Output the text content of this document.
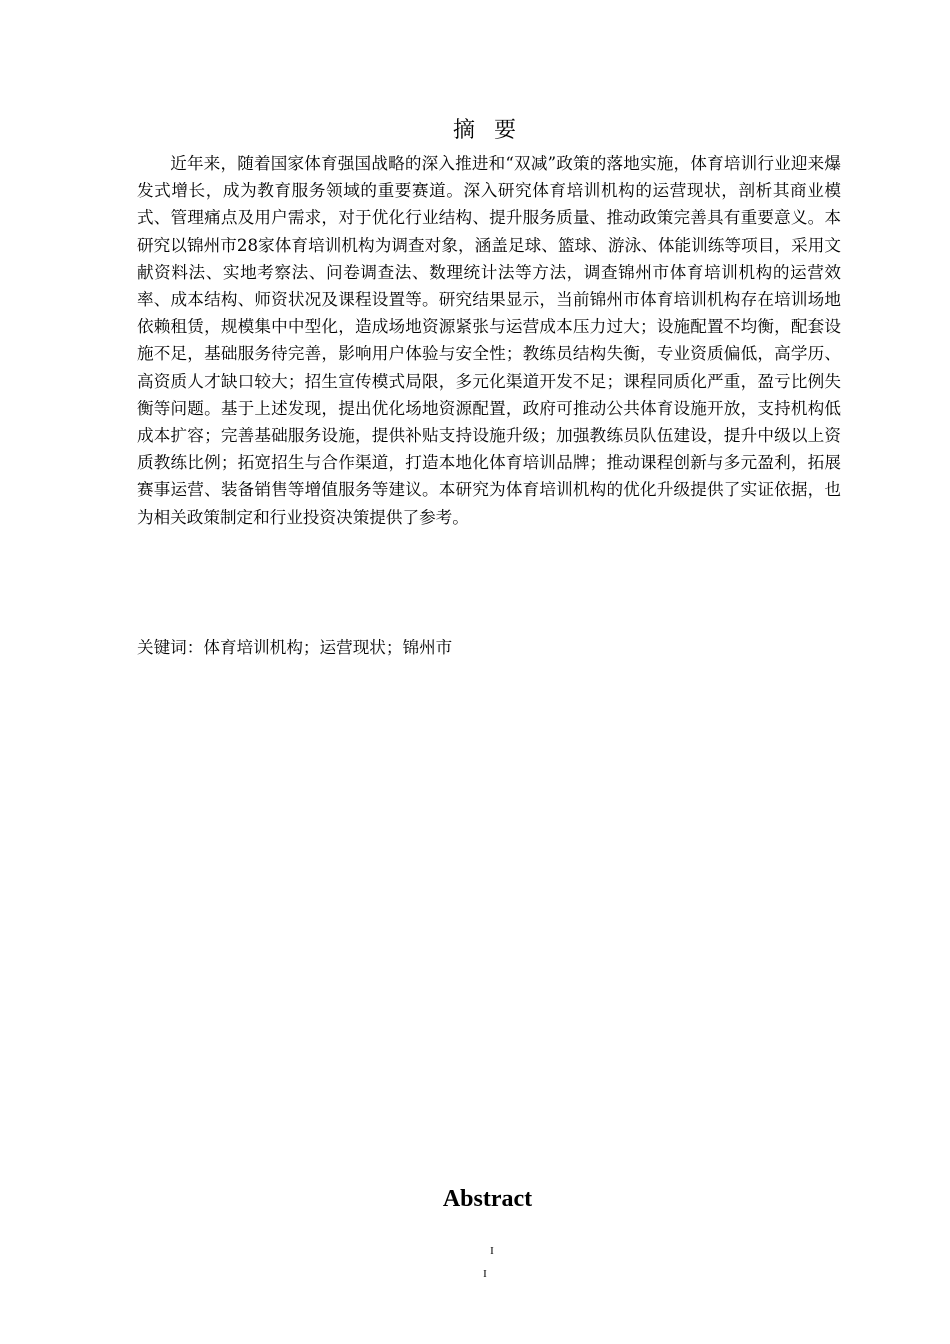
摘 要

近年来，随着国家体育强国战略的深入推进和“双减”政策的落地实施，体育培训行业迎来爆发式增长，成为教育服务领域的重要赛道。深入研究体育培训机构的运营现状，剖析其商业模式、管理痛点及用户需求，对于优化行业结构、提升服务质量、推动政策完善具有重要意义。本研究以锦州市28家体育培训机构为调查对象，涵盖足球、篮球、游泳、体能训练等项目，采用文献资料法、实地考察法、问卷调查法、数理统计法等方法，调查锦州市体育培训机构的运营效率、成本结构、师资状况及课程设置等。研究结果显示，当前锦州市体育培训机构存在培训场地依赖租赁，规模集中中型化，造成场地资源紧张与运营成本压力过大；设施配置不均衡，配套设施不足，基础服务待完善，影响用户体验与安全性；教练员结构失衡，专业资质偏低，高学历、高资质人才缺口较大；招生宣传模式局限，多元化渠道开发不足；课程同质化严重，盈亏比例失衡等问题。基于上述发现，提出优化场地资源配置，政府可推动公共体育设施开放，支持机构低成本扩容；完善基础服务设施，提供补贴支持设施升级；加强教练员队伍建设，提升中级以上资质教练比例；拓宽招生与合作渠道，打造本地化体育培训品牌；推动课程创新与多元盈利，拓展赛事运营、装备销售等增值服务等建议。本研究为体育培训机构的优化升级提供了实证依据，也为相关政策制定和行业投资决策提供了参考。

关键词：体育培训机构；运营现状；锦州市
Abstract
I
I
